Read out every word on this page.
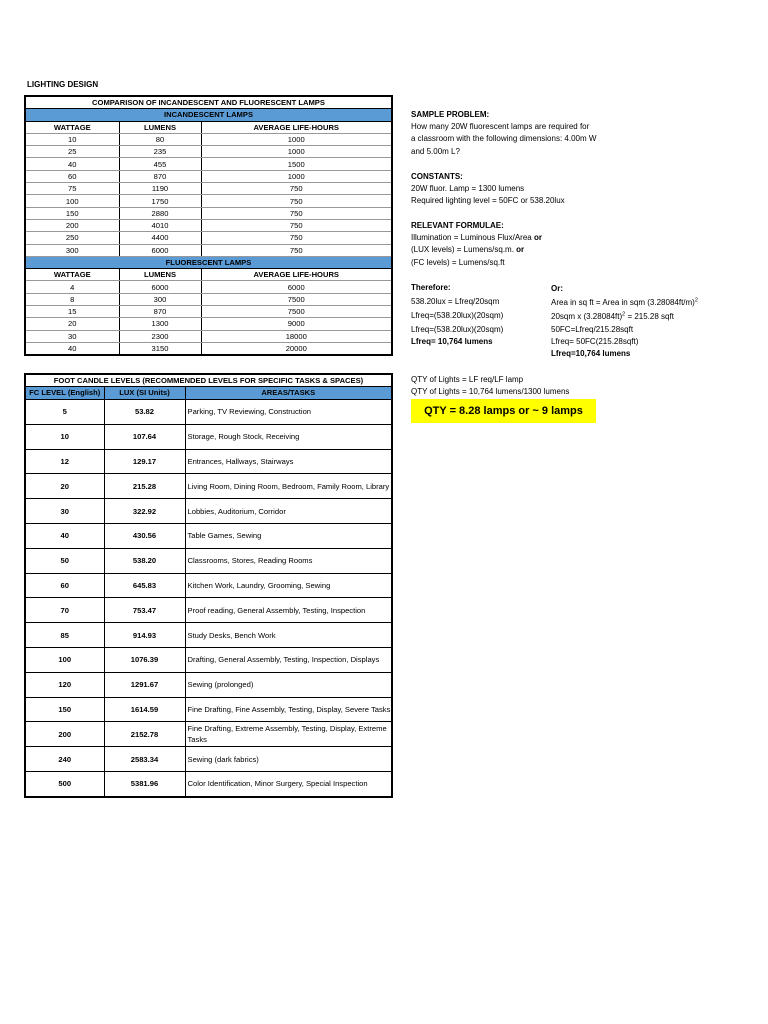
LIGHTING DESIGN
COMPARISON OF INCANDESCENT AND FLUORESCENT LAMPS		
INCANDESCENT LAMPS		
WATTAGE	LUMENS	AVERAGE LIFE-HOURS
10	80	1000
25	235	1000
40	455	1500
60	870	1000
75	1190	750
100	1750	750
150	2880	750
200	4010	750
250	4400	750
300	6000	750
FLUORESCENT LAMPS		
WATTAGE	LUMENS	AVERAGE LIFE-HOURS
4	6000	6000
8	300	7500
15	870	7500
20	1300	9000
30	2300	18000
40	3150	20000
FOOT CANDLE LEVELS (RECOMMENDED LEVELS FOR SPECIFIC TASKS & SPACES)		
FC LEVEL (English)	LUX (SI Units)	AREAS/TASKS
5	53.82	Parking, TV Reviewing, Construction
10	107.64	Storage, Rough Stock, Receiving
12	129.17	Entrances, Hallways, Stairways
20	215.28	Living Room, Dining Room, Bedroom, Family Room, Library
30	322.92	Lobbies, Auditorium, Corridor
40	430.56	Table Games, Sewing
50	538.20	Classrooms, Stores, Reading Rooms
60	645.83	Kitchen Work, Laundry, Grooming, Sewing
70	753.47	Proof reading, General Assembly, Testing, Inspection
85	914.93	Study Desks, Bench Work
100	1076.39	Drafting, General Assembly, Testing, Inspection, Displays
120	1291.67	Sewing (prolonged)
150	1614.59	Fine Drafting, Fine Assembly, Testing, Display, Severe Tasks
200	2152.78	Fine Drafting, Extreme Assembly, Testing, Display, Extreme Tasks
240	2583.34	Sewing (dark fabrics)
500	5381.96	Color Identification, Minor Surgery, Special Inspection
SAMPLE PROBLEM:
How many 20W fluorescent lamps are required for
a classroom with the following dimensions: 4.00m W
and 5.00m L?
CONSTANTS:
20W fluor. Lamp = 1300 lumens
Required lighting level = 50FC or 538.20lux
RELEVANT FORMULAE:
Illumination = Luminous Flux/Area or
(LUX levels) = Lumens/sq.m. or
(FC levels) = Lumens/sq.ft
Therefore:
538.20lux = Lfreq/20sqm
Lfreq=(538.20lux)(20sqm)
Lfreq=(538.20lux)(20sqm)
Lfreq= 10,764 lumens
Or:
Area in sq ft = Area in sqm $(3.28084ft/m)^2$
20sqm x $(3.28084ft)^2 = 215.28$ sqft
50FC=Lfreq/215.28sqft
Lfreq= 50FC(215.28sqft)
Lfreq=10,764 lumens
QTY of Lights = LF req/LF lamp
QTY of Lights = 10,764 lumens/1300 lumens
QTY = 8.28 lamps or ~ 9 lamps
